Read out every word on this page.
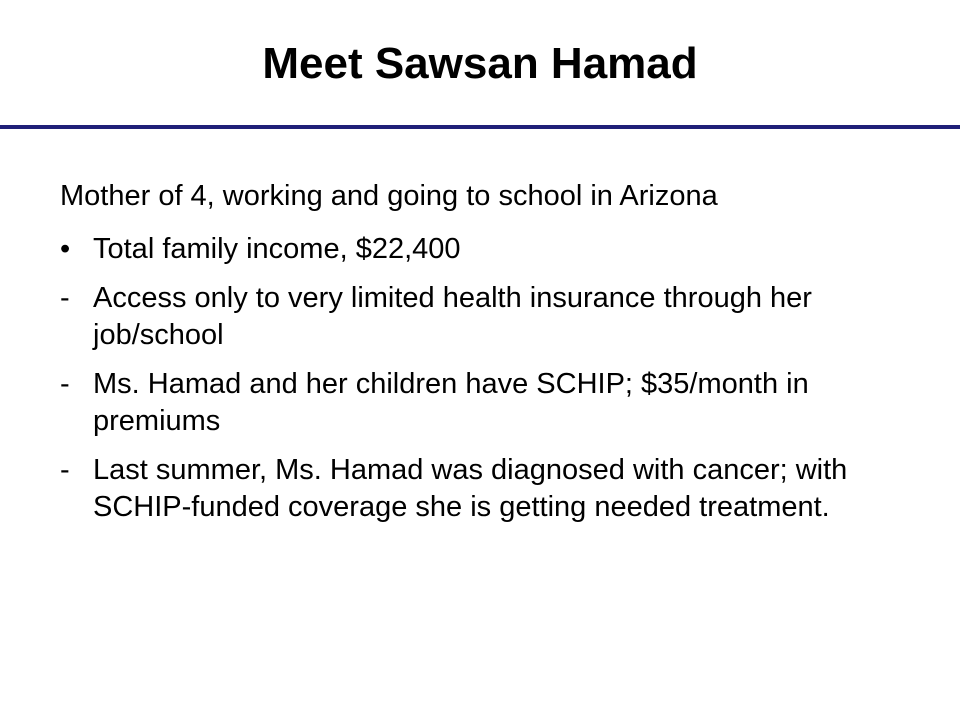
Meet Sawsan Hamad

Mother of 4, working and going to school in Arizona

• Total family income, $22,400
- Access only to very limited health insurance through her job/school
- Ms. Hamad and her children have SCHIP; $35/month in premiums
- Last summer, Ms. Hamad was diagnosed with cancer; with SCHIP-funded coverage she is getting needed treatment.
